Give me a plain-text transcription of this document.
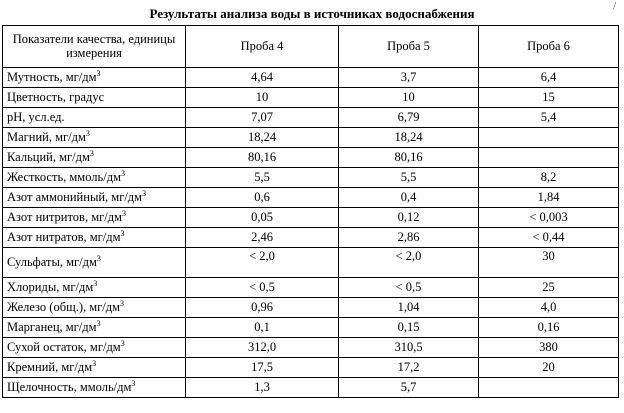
/
Результаты анализа воды в источниках водоснабжения
Показатели качества, единицы измерения	Проба 4	Проба 5	Проба 6
Мутность, $мг/дм^3$	4,64	3,7	6,4
Цветность, градус	10	10	15
pH, усл.ед.	7,07	6,79	5,4
Магний, $мг/дм^3$	18,24	18,24	
Кальций, $мг/дм^3$	80,16	80,16	
Жесткость, ммоль/$дм^3$	5,5	5,5	8,2
Азот аммонийный, $мг/дм^3$	0,6	0,4	1,84
Азот нитритов, $мг/дм^3$	0,05	0,12	< 0,003
Азот нитратов, $мг/дм^3$	2,46	2,86	< 0,44
Сульфаты, $мг/дм^3$	< 2,0	< 2,0	30
Хлориды, $мг/дм^3$	< 0,5	< 0,5	25
Железо (общ.), $мг/дм^3$	0,96	1,04	4,0
Марганец, $мг/дм^3$	0,1	0,15	0,16
Сухой остаток, $мг/дм^3$	312,0	310,5	380
Кремний, $мг/дм^3$	17,5	17,2	20
Щелочность, ммоль/$дм^3$	1,3	5,7	
